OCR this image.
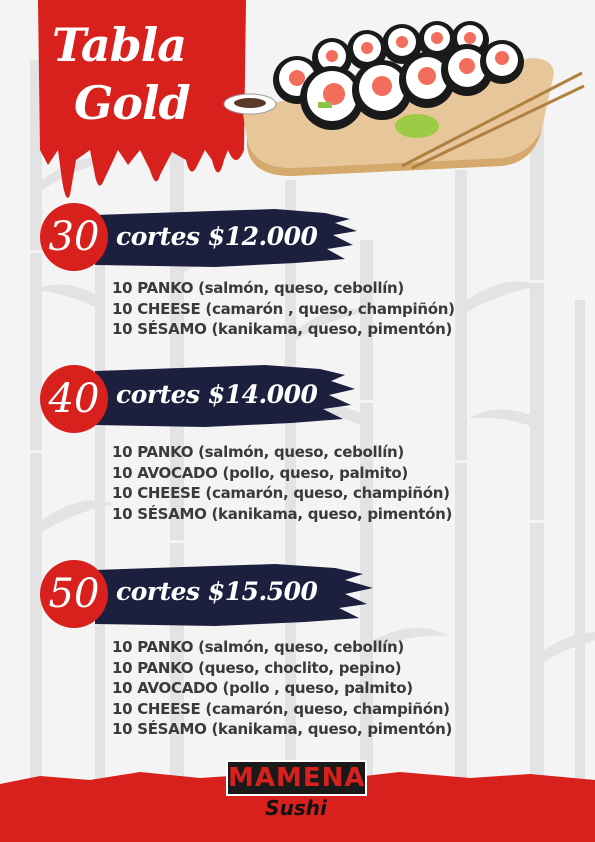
Tabla
Gold
30 cortes $12.000
10 PANKO (salmón, queso, cebollín)
10 CHEESE (camarón , queso, champiñón)
10 SÉSAMO (kanikama, queso, pimentón)
40 cortes $14.000
10 PANKO (salmón, queso, cebollín)
10 AVOCADO (pollo, queso, palmito)
10 CHEESE (camarón, queso, champiñón)
10 SÉSAMO (kanikama, queso, pimentón)
50 cortes $15.500
10 PANKO (salmón, queso, cebollín)
10 PANKO (queso, choclito, pepino)
10 AVOCADO (pollo , queso, palmito)
10 CHEESE (camarón, queso, champiñón)
10 SÉSAMO (kanikama, queso, pimentón)
MAMENA
Sushi
